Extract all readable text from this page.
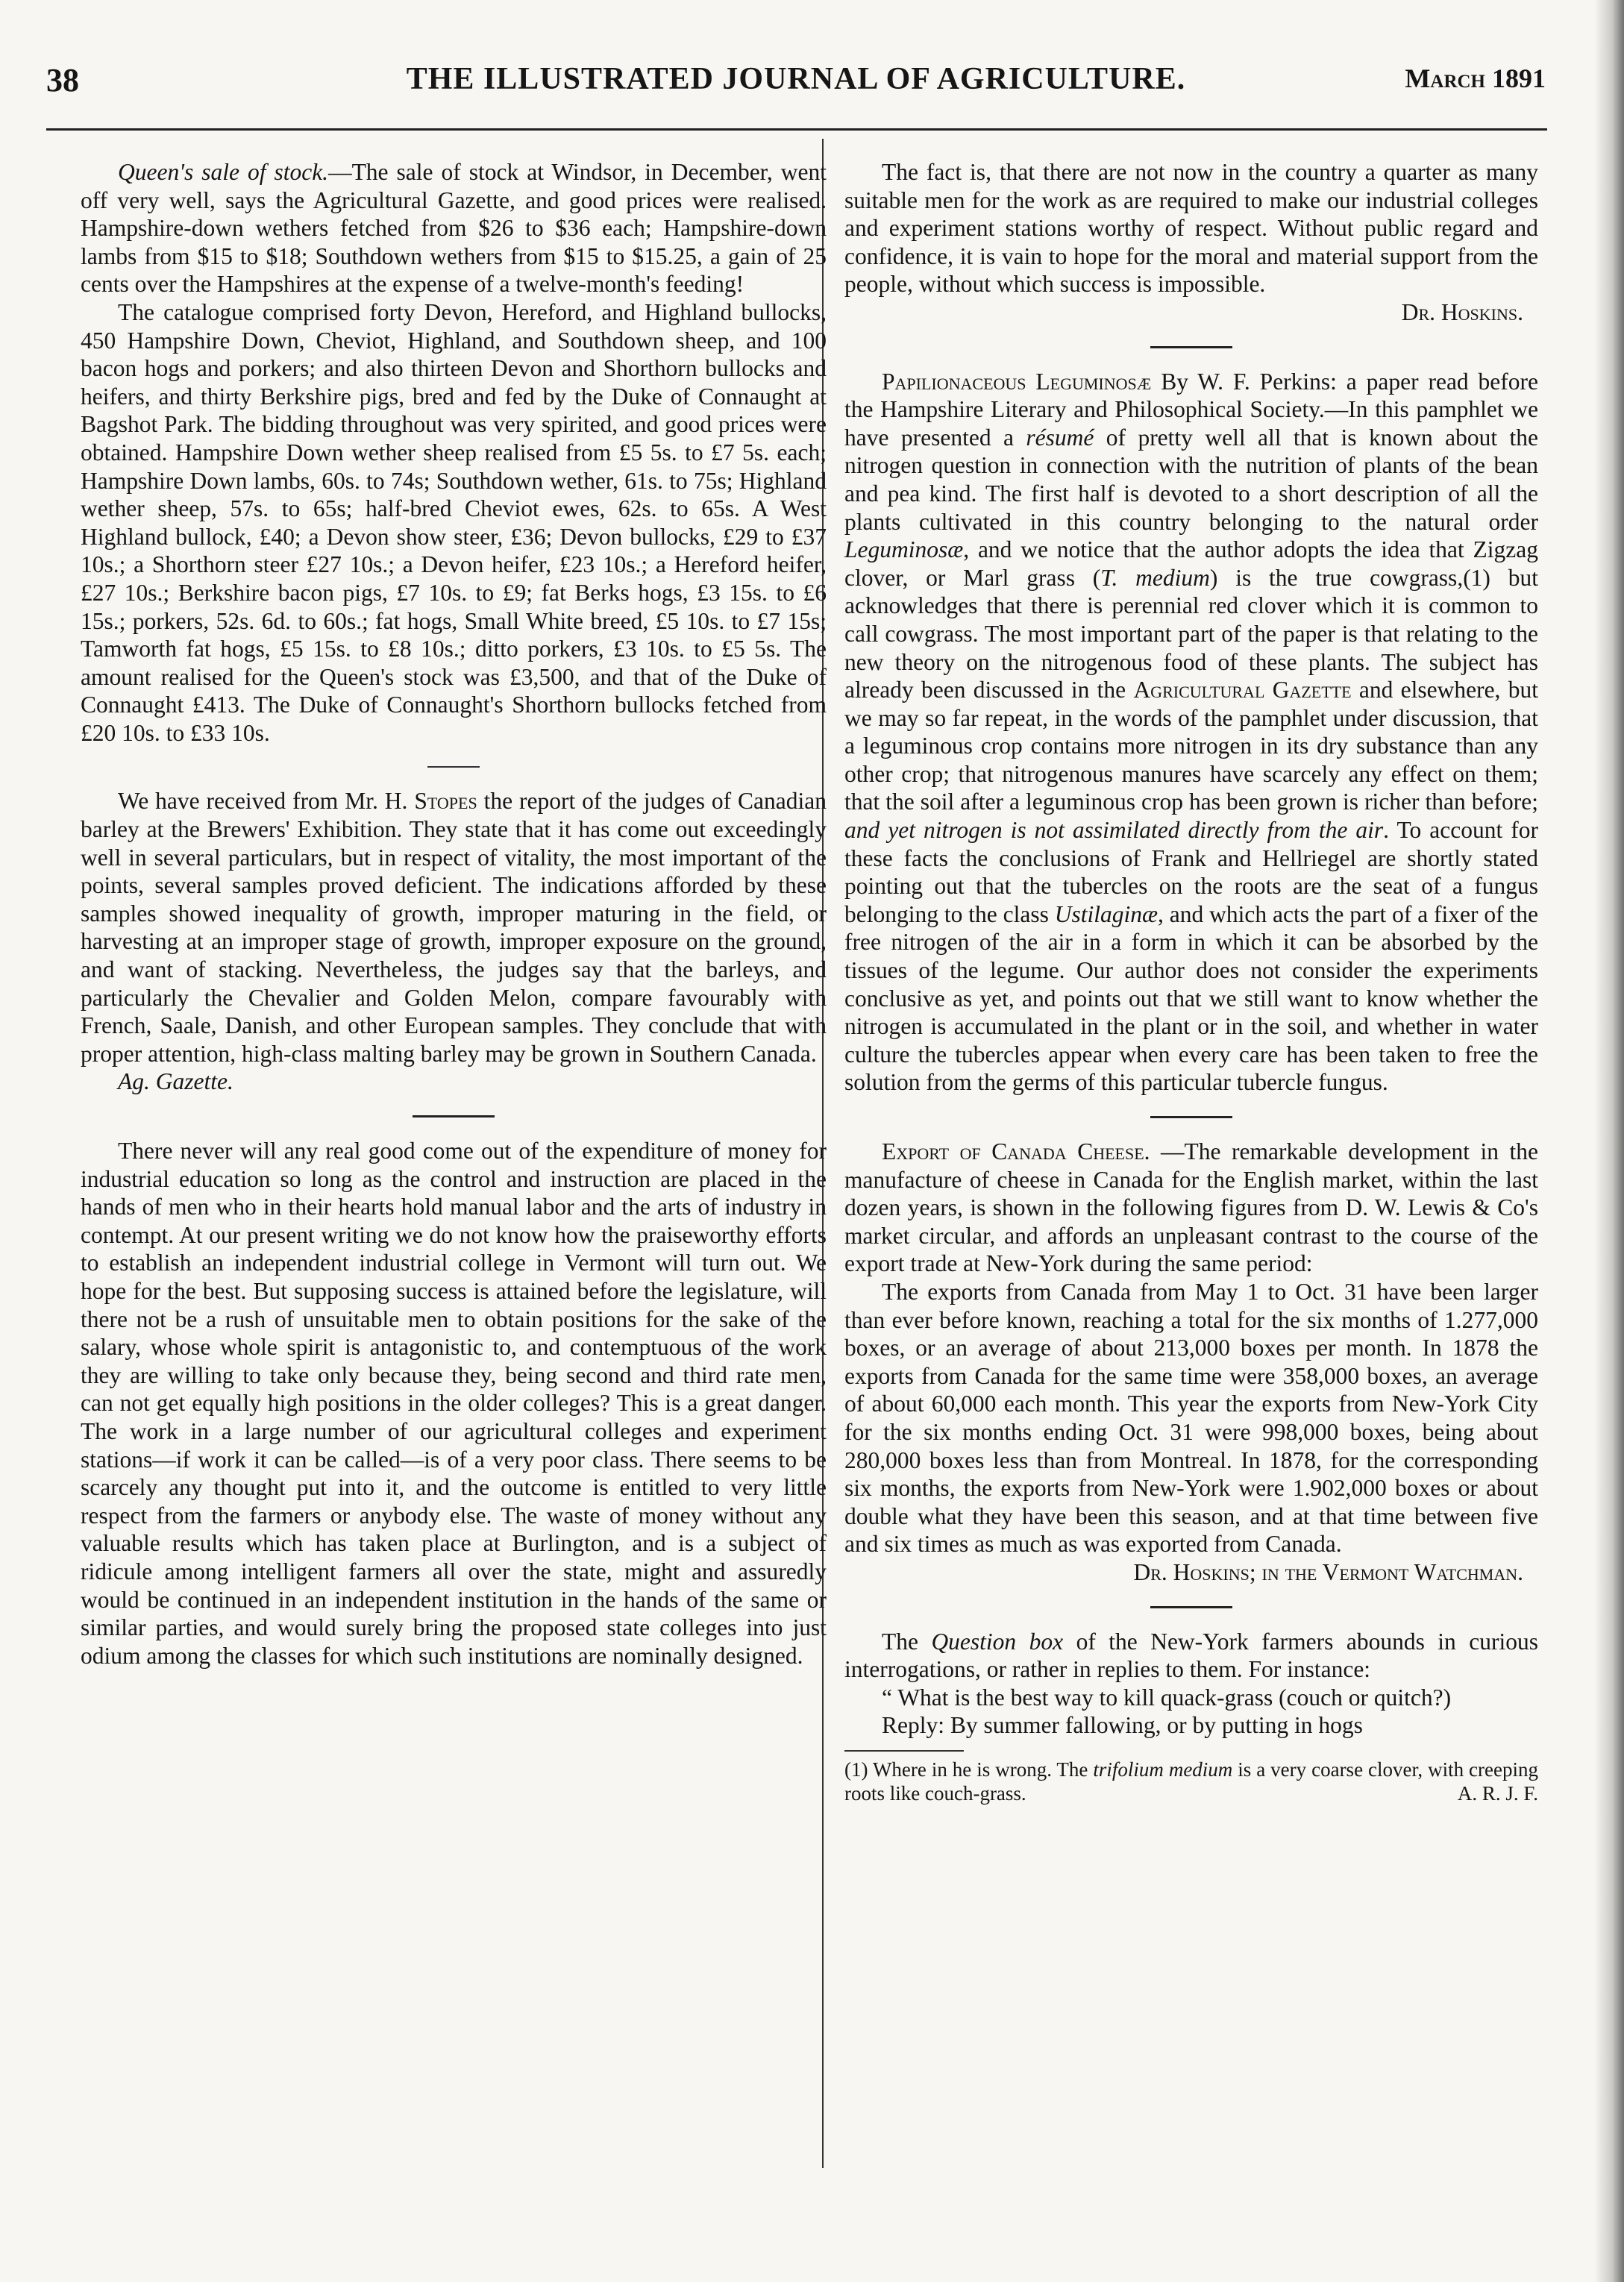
38	THE ILLUSTRATED JOURNAL OF AGRICULTURE.	March 1891

Queen's sale of stock.—The sale of stock at Windsor, in December, went off very well, says the Agricultural Gazette, and good prices were realised. Hampshire-down wethers fetched from $26 to $36 each; Hampshire-down lambs from $15 to $18; Southdown wethers from $15 to $15.25, a gain of 25 cents over the Hampshires at the expense of a twelve-month's feeding!

The catalogue comprised forty Devon, Hereford, and Highland bullocks, 450 Hampshire Down, Cheviot, Highland, and Southdown sheep, and 100 bacon hogs and porkers; and also thirteen Devon and Shorthorn bullocks and heifers, and thirty Berkshire pigs, bred and fed by the Duke of Connaught at Bagshot Park. The bidding throughout was very spirited, and good prices were obtained. Hampshire Down wether sheep realised from £5 5s. to £7 5s. each; Hampshire Down lambs, 60s. to 74s; Southdown wether, 61s. to 75s; Highland wether sheep, 57s. to 65s; half-bred Cheviot ewes, 62s. to 65s. A West Highland bullock, £40; a Devon show steer, £36; Devon bullocks, £29 to £37 10s.; a Shorthorn steer £27 10s.; a Devon heifer, £23 10s.; a Hereford heifer, £27 10s.; Berkshire bacon pigs, £7 10s. to £9; fat Berks hogs, £3 15s. to £6 15s.; porkers, 52s. 6d. to 60s.; fat hogs, Small White breed, £5 10s. to £7 15s; Tamworth fat hogs, £5 15s. to £8 10s.; ditto porkers, £3 10s. to £5 5s. The amount realised for the Queen's stock was £3,500, and that of the Duke of Connaught £413. The Duke of Connaught's Shorthorn bullocks fetched from £20 10s. to £33 10s.

We have received from Mr. H. Stopes the report of the judges of Canadian barley at the Brewers' Exhibition. They state that it has come out exceedingly well in several particulars, but in respect of vitality, the most important of the points, several samples proved deficient. The indications afforded by these samples showed inequality of growth, improper maturing in the field, or harvesting at an improper stage of growth, improper exposure on the ground, and want of stacking. Nevertheless, the judges say that the barleys, and particularly the Chevalier and Golden Melon, compare favourably with French, Saale, Danish, and other European samples. They conclude that with proper attention, high-class malting barley may be grown in Southern Canada.

Ag. Gazette.

There never will any real good come out of the expenditure of money for industrial education so long as the control and instruction are placed in the hands of men who in their hearts hold manual labor and the arts of industry in contempt. At our present writing we do not know how the praiseworthy efforts to establish an independent industrial college in Vermont will turn out. We hope for the best. But supposing success is attained before the legislature, will there not be a rush of unsuitable men to obtain positions for the sake of the salary, whose whole spirit is antagonistic to, and contemptuous of the work they are willing to take only because they, being second and third rate men, can not get equally high positions in the older colleges? This is a great danger. The work in a large number of our agricultural colleges and experiment stations—if work it can be called—is of a very poor class. There seems to be scarcely any thought put into it, and the outcome is entitled to very little respect from the farmers or anybody else. The waste of money without any valuable results which has taken place at Burlington, and is a subject of ridicule among intelligent farmers all over the state, might and assuredly would be continued in an independent institution in the hands of the same or similar parties, and would surely bring the proposed state colleges into just odium among the classes for which such institutions are nominally designed.

The fact is, that there are not now in the country a quarter as many suitable men for the work as are required to make our industrial colleges and experiment stations worthy of respect. Without public regard and confidence, it is vain to hope for the moral and material support from the people, without which success is impossible.

Dr. Hoskins.

Papilionaceous Leguminosæ By W. F. Perkins: a paper read before the Hampshire Literary and Philosophical Society.—In this pamphlet we have presented a résumé of pretty well all that is known about the nitrogen question in connection with the nutrition of plants of the bean and pea kind. The first half is devoted to a short description of all the plants cultivated in this country belonging to the natural order Leguminosæ, and we notice that the author adopts the idea that Zigzag clover, or Marl grass (T. medium) is the true cowgrass,(1) but acknowledges that there is perennial red clover which it is common to call cowgrass. The most important part of the paper is that relating to the new theory on the nitrogenous food of these plants. The subject has already been discussed in the Agricultural Gazette and elsewhere, but we may so far repeat, in the words of the pamphlet under discussion, that a leguminous crop contains more nitrogen in its dry substance than any other crop; that nitrogenous manures have scarcely any effect on them; that the soil after a leguminous crop has been grown is richer than before; and yet nitrogen is not assimilated directly from the air. To account for these facts the conclusions of Frank and Hellriegel are shortly stated pointing out that the tubercles on the roots are the seat of a fungus belonging to the class Ustilaginæ, and which acts the part of a fixer of the free nitrogen of the air in a form in which it can be absorbed by the tissues of the legume. Our author does not consider the experiments conclusive as yet, and points out that we still want to know whether the nitrogen is accumulated in the plant or in the soil, and whether in water culture the tubercles appear when every care has been taken to free the solution from the germs of this particular tubercle fungus.

Export of Canada Cheese. —The remarkable development in the manufacture of cheese in Canada for the English market, within the last dozen years, is shown in the following figures from D. W. Lewis & Co's market circular, and affords an unpleasant contrast to the course of the export trade at New-York during the same period:

The exports from Canada from May 1 to Oct. 31 have been larger than ever before known, reaching a total for the six months of 1.277,000 boxes, or an average of about 213,000 boxes per month. In 1878 the exports from Canada for the same time were 358,000 boxes, an average of about 60,000 each month. This year the exports from New-York City for the six months ending Oct. 31 were 998,000 boxes, being about 280,000 boxes less than from Montreal. In 1878, for the corresponding six months, the exports from New-York were 1.902,000 boxes or about double what they have been this season, and at that time between five and six times as much as was exported from Canada.

Dr. Hoskins; in the Vermont Watchman.

The Question box of the New-York farmers abounds in curious interrogations, or rather in replies to them. For instance:

“ What is the best way to kill quack-grass (couch or quitch?)

Reply: By summer fallowing, or by putting in hogs

(1) Where in he is wrong. The trifolium medium is a very coarse clover, with creeping roots like couch-grass.	A. R. J. F.
